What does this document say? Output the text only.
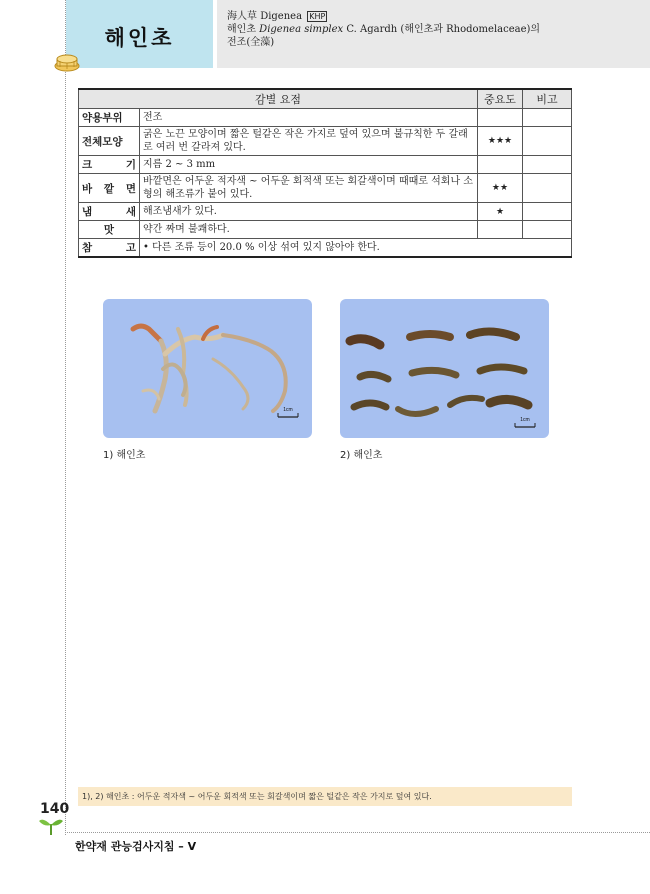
해인초
海人草 Digenea KHP
해인초 Digenea simplex C. Agardh (해인초과 Rhodomelaceae)의
전조(全藻)
감별 요점		중요도	비고
약용부위	전조		
전체모양	굵은 노끈 모양이며 짧은 털같은 작은 가지로 덮여 있으며 불규칙한 두 갈래로 여러 번 갈라져 있다.	★★★	
크 기	지름 2 ~ 3 mm		
바 깥 면	바깥면은 어두운 적자색 ~ 어두운 회적색 또는 회갈색이며 때때로 석회나 소형의 해조류가 붙어 있다.	★★	
냄 새	해조냄새가 있다.	★	
맛	약간 짜며 불쾌하다.		
참 고	• 다른 조류 등이 20.0 % 이상 섞여 있지 않아야 한다.		
1cm
1) 해인초
1cm
2) 해인초
1), 2) 해인초 : 어두운 적자색 ~ 어두운 회적색 또는 회갈색이며 짧은 털같은 작은 가지로 덮여 있다.
140
한약재 관능검사지침 – V
